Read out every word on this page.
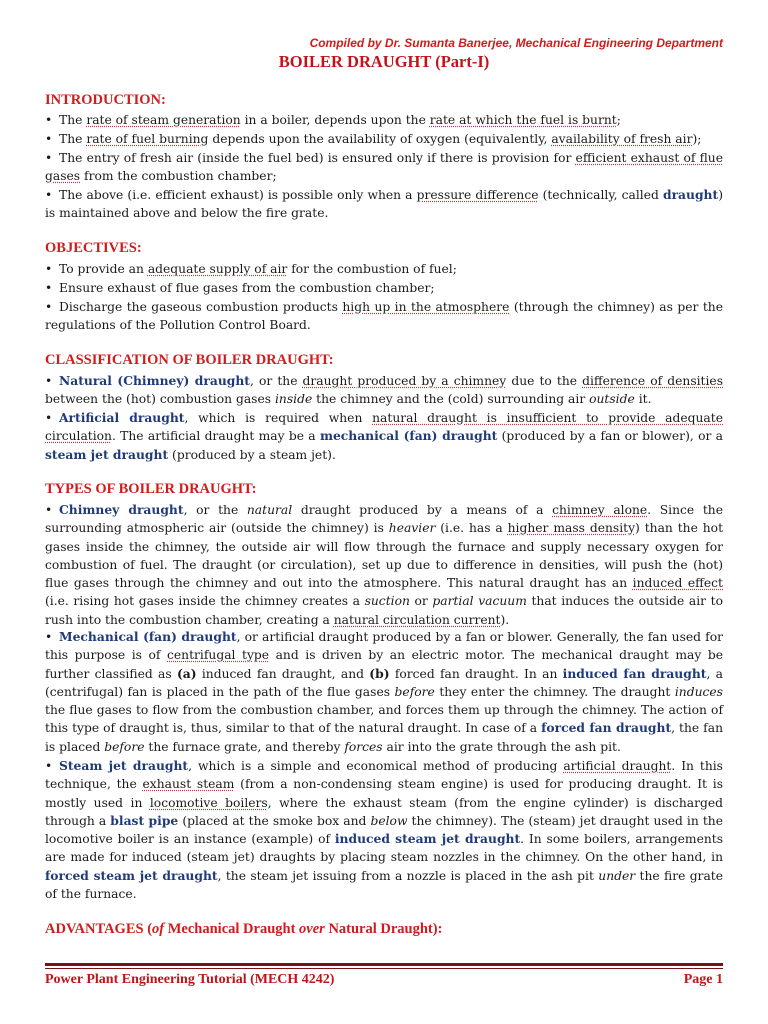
Compiled by Dr. Sumanta Banerjee, Mechanical Engineering Department
BOILER DRAUGHT (Part-I)
INTRODUCTION:
• The rate of steam generation in a boiler, depends upon the rate at which the fuel is burnt;
• The rate of fuel burning depends upon the availability of oxygen (equivalently, availability of fresh air);
• The entry of fresh air (inside the fuel bed) is ensured only if there is provision for efficient exhaust of flue gases from the combustion chamber;
• The above (i.e. efficient exhaust) is possible only when a pressure difference (technically, called draught) is maintained above and below the fire grate.
OBJECTIVES:
• To provide an adequate supply of air for the combustion of fuel;
• Ensure exhaust of flue gases from the combustion chamber;
• Discharge the gaseous combustion products high up in the atmosphere (through the chimney) as per the regulations of the Pollution Control Board.
CLASSIFICATION OF BOILER DRAUGHT:
• Natural (Chimney) draught, or the draught produced by a chimney due to the difference of densities between the (hot) combustion gases inside the chimney and the (cold) surrounding air outside it.
• Artificial draught, which is required when natural draught is insufficient to provide adequate circulation. The artificial draught may be a mechanical (fan) draught (produced by a fan or blower), or a steam jet draught (produced by a steam jet).
TYPES OF BOILER DRAUGHT:
• Chimney draught, or the natural draught produced by a means of a chimney alone. Since the surrounding atmospheric air (outside the chimney) is heavier (i.e. has a higher mass density) than the hot gases inside the chimney, the outside air will flow through the furnace and supply necessary oxygen for combustion of fuel. The draught (or circulation), set up due to difference in densities, will push the (hot) flue gases through the chimney and out into the atmosphere. This natural draught has an induced effect (i.e. rising hot gases inside the chimney creates a suction or partial vacuum that induces the outside air to rush into the combustion chamber, creating a natural circulation current).
• Mechanical (fan) draught, or artificial draught produced by a fan or blower. Generally, the fan used for this purpose is of centrifugal type and is driven by an electric motor. The mechanical draught may be further classified as (a) induced fan draught, and (b) forced fan draught. In an induced fan draught, a (centrifugal) fan is placed in the path of the flue gases before they enter the chimney. The draught induces the flue gases to flow from the combustion chamber, and forces them up through the chimney. The action of this type of draught is, thus, similar to that of the natural draught. In case of a forced fan draught, the fan is placed before the furnace grate, and thereby forces air into the grate through the ash pit.
• Steam jet draught, which is a simple and economical method of producing artificial draught. In this technique, the exhaust steam (from a non-condensing steam engine) is used for producing draught. It is mostly used in locomotive boilers, where the exhaust steam (from the engine cylinder) is discharged through a blast pipe (placed at the smoke box and below the chimney). The (steam) jet draught used in the locomotive boiler is an instance (example) of induced steam jet draught. In some boilers, arrangements are made for induced (steam jet) draughts by placing steam nozzles in the chimney. On the other hand, in forced steam jet draught, the steam jet issuing from a nozzle is placed in the ash pit under the fire grate of the furnace.
ADVANTAGES (of Mechanical Draught over Natural Draught):
Power Plant Engineering Tutorial (MECH 4242)	Page 1
